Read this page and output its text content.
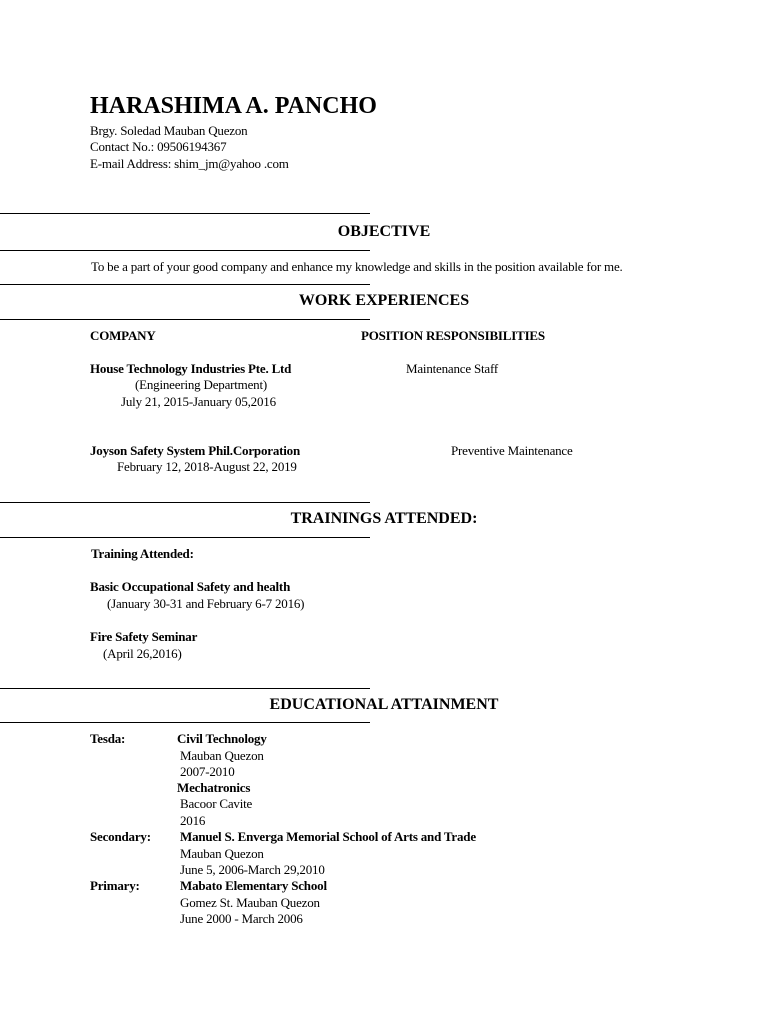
HARASHIMA A. PANCHO
Brgy. Soledad Mauban Quezon
Contact No.: 09506194367
E-mail Address: shim_jm@yahoo .com
OBJECTIVE
To be a part of your good company and enhance my knowledge and skills in the position available for me.
WORK EXPERIENCES
COMPANY	POSITION RESPONSIBILITIES
House Technology Industries Pte. Ltd	Maintenance Staff
(Engineering Department)
July 21, 2015-January 05,2016
Joyson Safety System Phil.Corporation	Preventive Maintenance
February 12, 2018-August 22, 2019
TRAININGS ATTENDED:
Training Attended:
Basic Occupational Safety and health
(January 30-31 and February 6-7 2016)
Fire Safety Seminar
(April 26,2016)
EDUCATIONAL ATTAINMENT
Tesda:	Civil Technology
Mauban Quezon
2007-2010
Mechatronics
Bacoor Cavite
2016
Secondary: Manuel S. Enverga Memorial School of Arts and Trade
Mauban Quezon
June 5, 2006-March 29,2010
Primary:	Mabato Elementary School
Gomez St. Mauban Quezon
June 2000 - March 2006
